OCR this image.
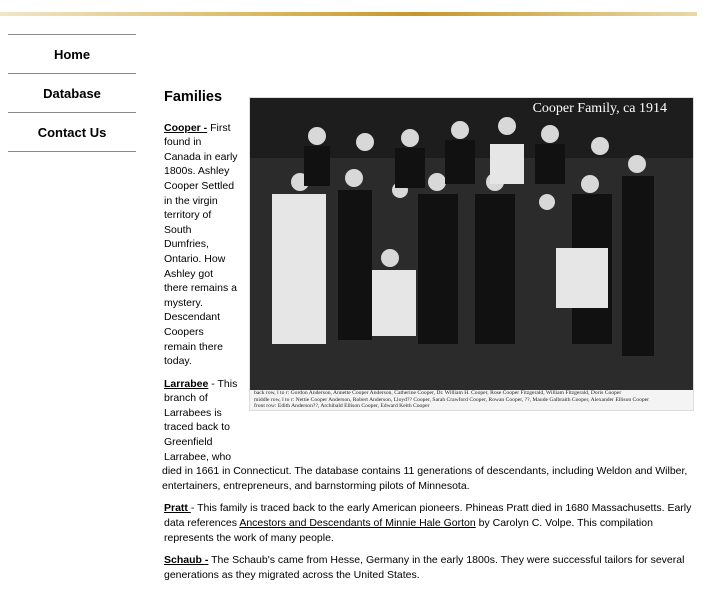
Home
Database
Contact Us
Cooper Family, ca 1914
back row, l to r: Gordon Anderson, Annette Cooper Anderson, Catherine Cooper, Dr. William H. Cooper, Rose Cooper Fitzgerald, William Fitzgerald, Doris Cooper
middle row, l to r: Nettie Cooper Anderson, Robert Anderson, Lloyd?? Cooper, Sarah Crawford Cooper, Rowan Cooper, ??, Maude Galbraith Cooper, Alexander Ellison Cooper
front row: Edith Anderson??, Archibald Ellison Cooper, Edward Keith Cooper
Families

Cooper - First found in Canada in early 1800s. Ashley Cooper Settled in the virgin territory of South Dumfries, Ontario. How Ashley got there remains a mystery. Descendant Coopers remain there today.

Larrabee - This branch of Larrabees is traced back to Greenfield Larrabee, who
died in 1661 in Connecticut. The database contains 11 generations of descendants, including Weldon and Wilber, entertainers, entrepreneurs, and barnstorming pilots of Minnesota.

Pratt - This family is traced back to the early American pioneers. Phineas Pratt died in 1680 Massachusetts. Early data references Ancestors and Descendants of Minnie Hale Gorton by Carolyn C. Volpe. This compilation represents the work of many people.

Schaub - The Schaub's came from Hesse, Germany in the early 1800s. They were successful tailors for several generations as they migrated across the United States.
